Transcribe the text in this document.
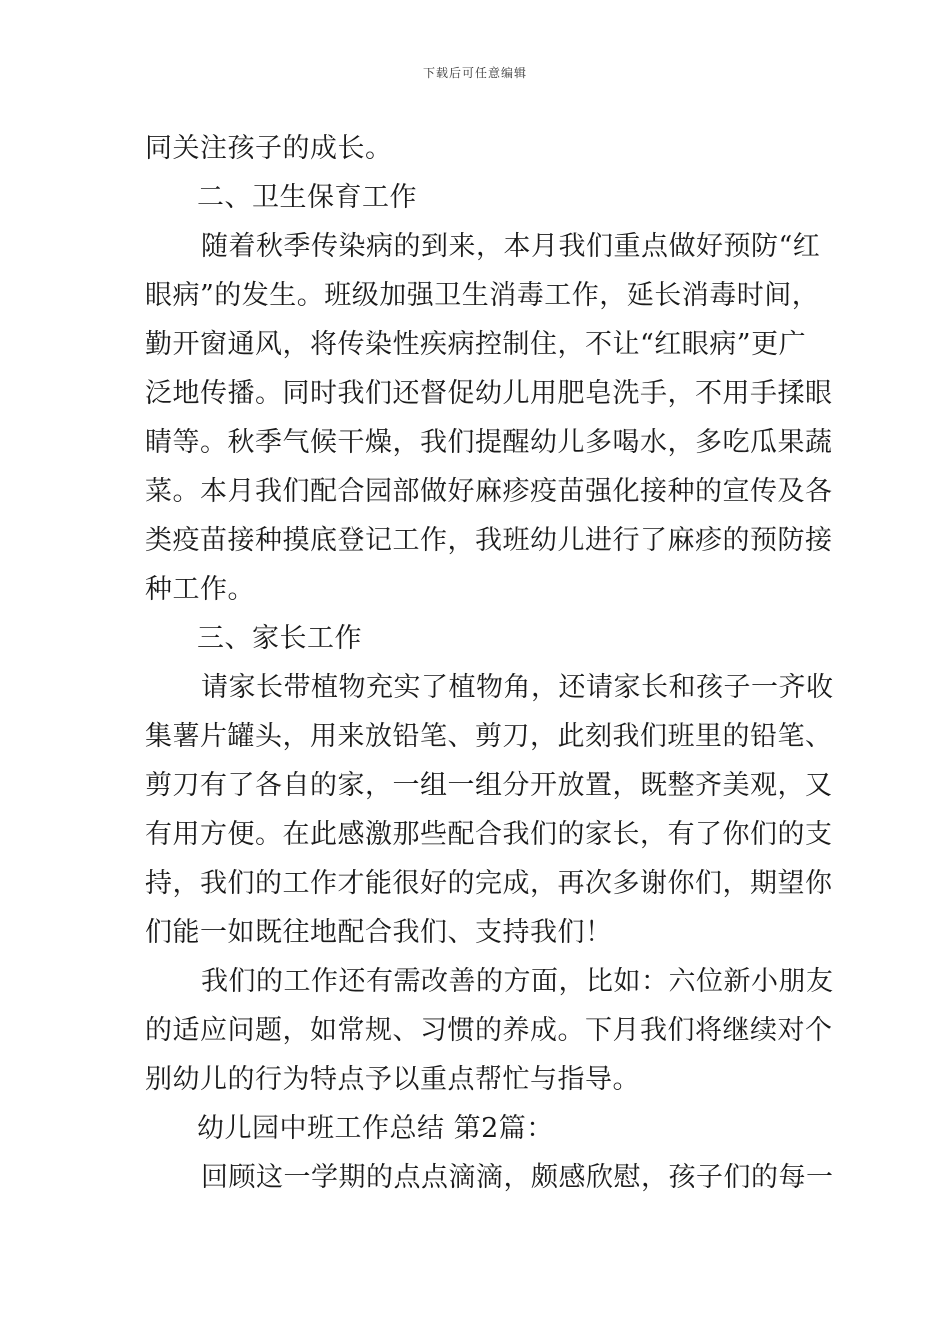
下载后可任意编辑
同关注孩子的成长。
二、卫生保育工作
随着秋季传染病的到来，本月我们重点做好预防“红
眼病”的发生。班级加强卫生消毒工作，延长消毒时间，
勤开窗通风，将传染性疾病控制住，不让“红眼病”更广
泛地传播。同时我们还督促幼儿用肥皂洗手，不用手揉眼
睛等。秋季气候干燥，我们提醒幼儿多喝水，多吃瓜果蔬
菜。本月我们配合园部做好麻疹疫苗强化接种的宣传及各
类疫苗接种摸底登记工作，我班幼儿进行了麻疹的预防接
种工作。
三、家长工作
请家长带植物充实了植物角，还请家长和孩子一齐收
集薯片罐头，用来放铅笔、剪刀，此刻我们班里的铅笔、
剪刀有了各自的家，一组一组分开放置，既整齐美观，又
有用方便。在此感激那些配合我们的家长，有了你们的支
持，我们的工作才能很好的完成，再次多谢你们，期望你
们能一如既往地配合我们、支持我们！
我们的工作还有需改善的方面，比如：六位新小朋友
的适应问题，如常规、习惯的养成。下月我们将继续对个
别幼儿的行为特点予以重点帮忙与指导。
幼儿园中班工作总结 第2篇：
回顾这一学期的点点滴滴，颇感欣慰，孩子们的每一
